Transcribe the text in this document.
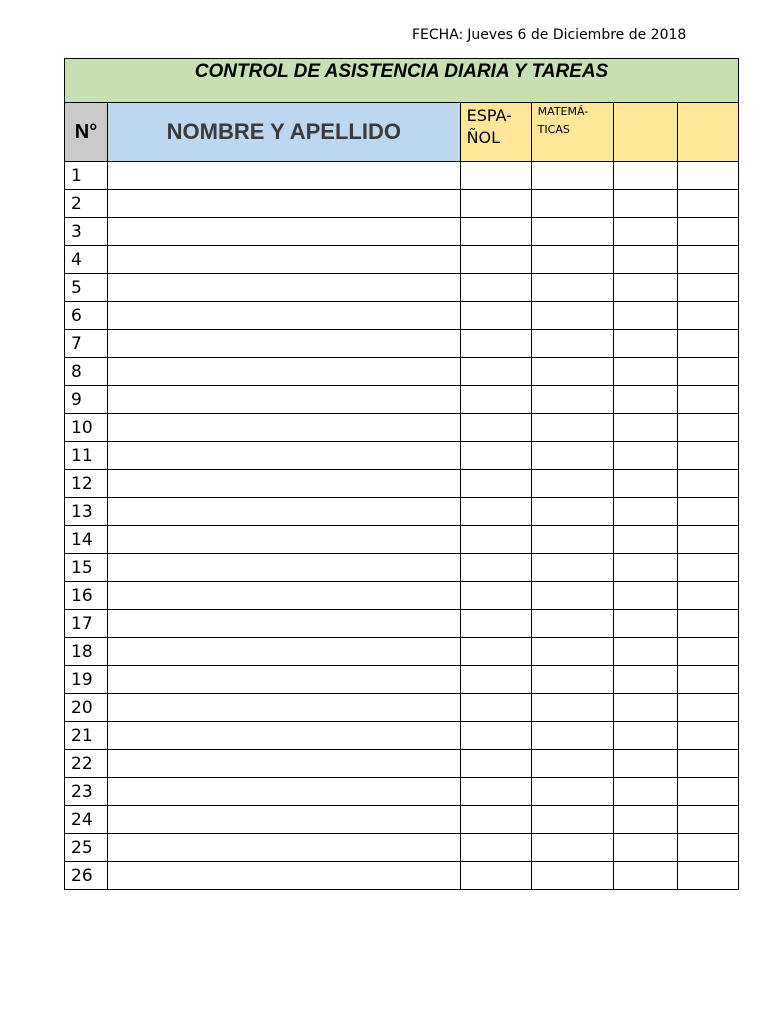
FECHA: Jueves 6 de Diciembre de 2018
CONTROL DE ASISTENCIA DIARIA Y TAREAS					
N°	NOMBRE Y APELLIDO	ESPA-ÑOL	MATEMÁ-TICAS		
1					
2					
3					
4					
5					
6					
7					
8					
9					
10					
11					
12					
13					
14					
15					
16					
17					
18					
19					
20					
21					
22					
23					
24					
25					
26					
